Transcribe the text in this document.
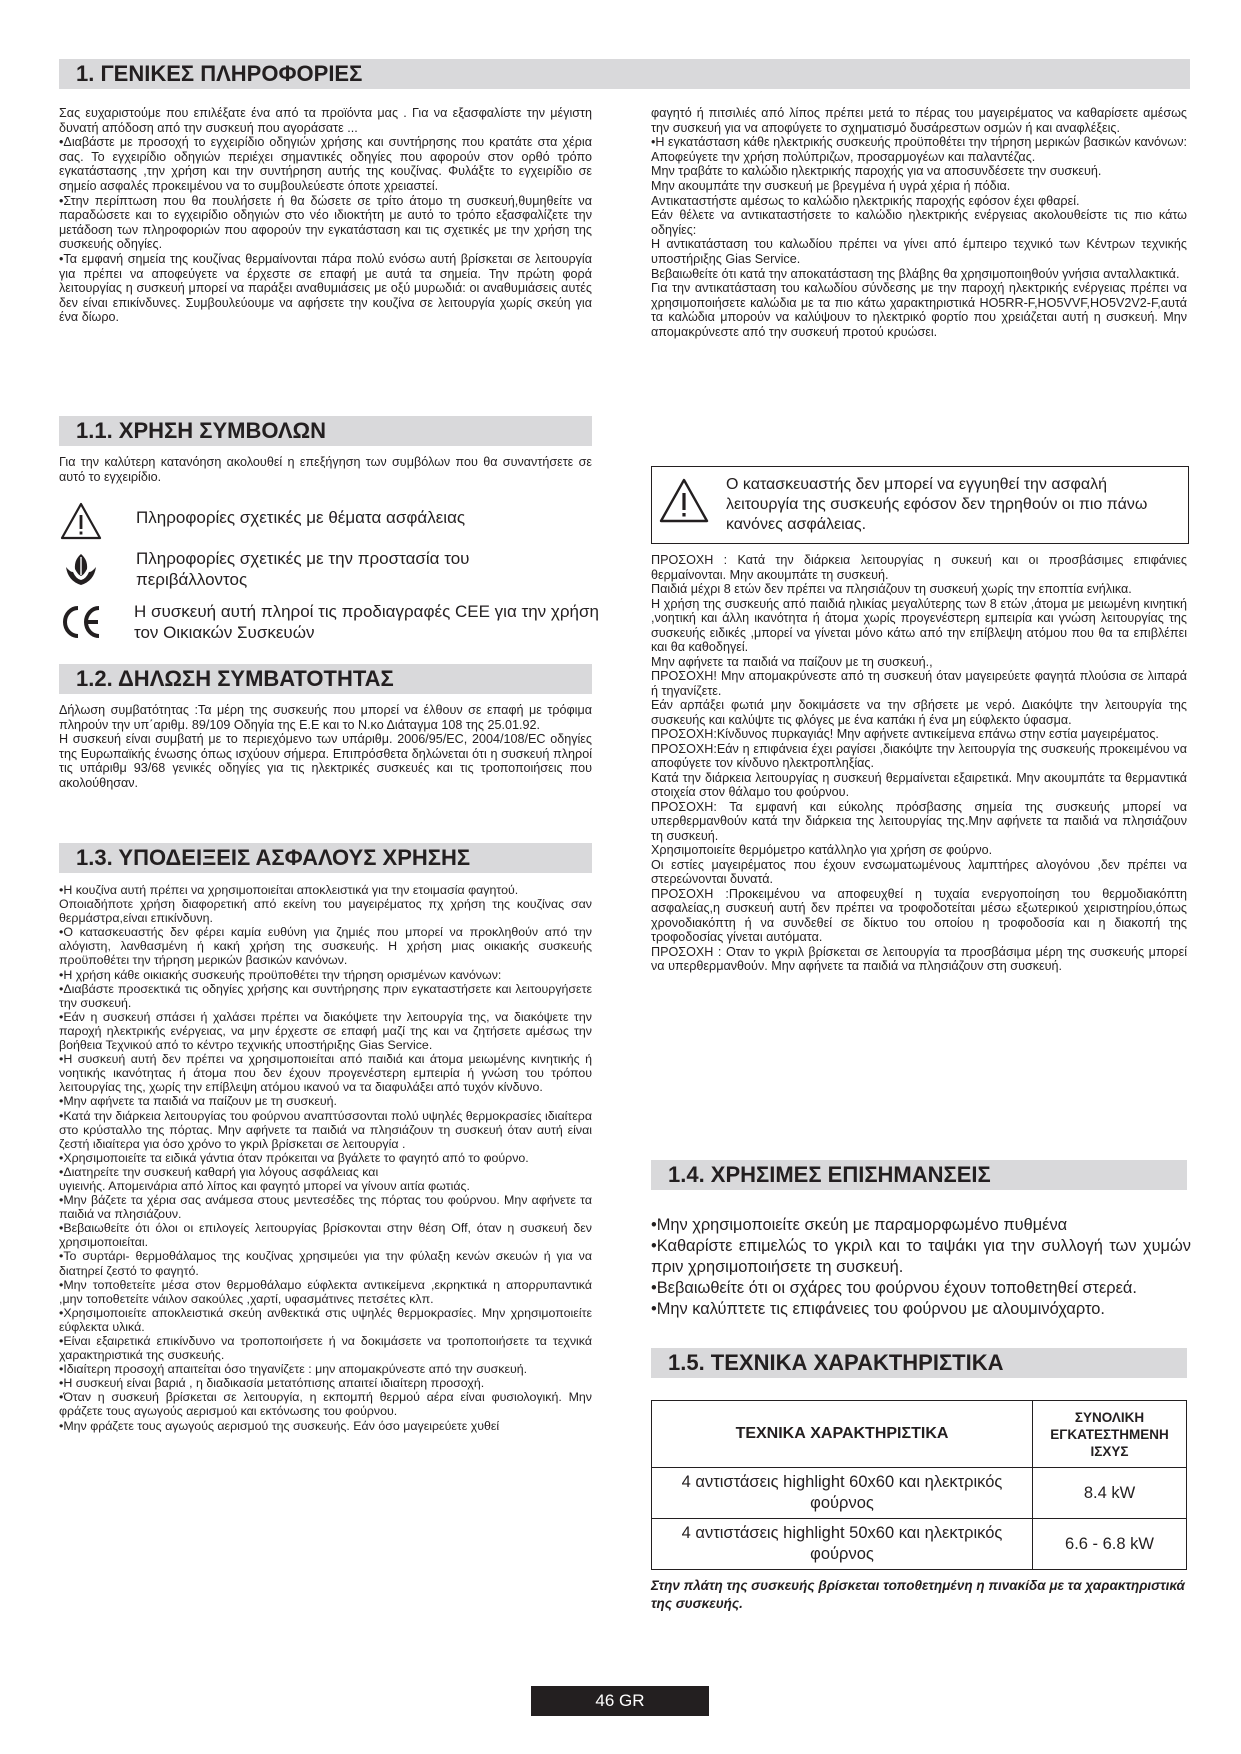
1. ΓΕΝΙΚΕΣ ΠΛΗΡΟΦΟΡΙΕΣ

Σας ευχαριστούμε που επιλέξατε ένα από τα προϊόντα μας . Για να εξασφαλίστε την μέγιστη δυνατή απόδοση από την συσκευή που αγοράσατε ...

•Διαβάστε με προσοχή το εγχειρίδιο οδηγιών χρήσης και συντήρησης που κρατάτε στα χέρια σας. Το εγχειρίδιο οδηγιών περιέχει σημαντικές οδηγίες που αφορούν στον ορθό τρόπο εγκατάστασης ,την χρήση και την συντήρηση αυτής της κουζίνας. Φυλάξτε το εγχειρίδιο σε σημείο ασφαλές προκειμένου να το συμβουλεύεστε όποτε χρειαστεί.

•Στην περίπτωση που θα πουλήσετε ή θα δώσετε σε τρίτο άτομο τη συσκευή,θυμηθείτε να παραδώσετε και το εγχειρίδιο οδηγιών στο νέο ιδιοκτήτη με αυτό το τρόπο εξασφαλίζετε την μετάδοση των πληροφοριών που αφορούν την εγκατάσταση και τις σχετικές με την χρήση της συσκευής οδηγίες.

•Τα εμφανή σημεία της κουζίνας θερμαίνονται πάρα πολύ ενόσω αυτή βρίσκεται σε λειτουργία για πρέπει να αποφεύγετε να έρχεστε σε επαφή με αυτά τα σημεία. Την πρώτη φορά λειτουργίας η συσκευή μπορεί να παράξει αναθυμιάσεις με οξύ μυρωδιά: οι αναθυμιάσεις αυτές δεν είναι επικίνδυνες. Συμβουλεύουμε να αφήσετε την κουζίνα σε λειτουργία χωρίς σκεύη για ένα δίωρο.

1.1. ΧΡΗΣΗ ΣΥΜΒΟΛΩΝ

Για την καλύτερη κατανόηση ακολουθεί η επεξήγηση των συμβόλων που θα συναντήσετε σε αυτό το εγχειρίδιο.

Πληροφορίες σχετικές με θέματα ασφάλειας
Πληροφορίες σχετικές με την προστασία του περιβάλλοντος
Η συσκευή αυτή πληροί τις προδιαγραφές CEE για την χρήση τον Οικιακών Συσκευών
1.2. ΔΗΛΩΣΗ ΣΥΜΒΑΤΟΤΗΤΑΣ

Δήλωση συμβατότητας :Τα μέρη της συσκευής που μπορεί να έλθουν σε επαφή με τρόφιμα πληρούν την υπ΄αριθμ. 89/109 Οδηγία της Ε.Ε και το Ν.κο Διάταγμα 108 της 25.01.92.

Η συσκευή είναι συμβατή με το περιεχόμενο των υπάριθμ. 2006/95/EC, 2004/108/EC οδηγίες της Ευρωπαϊκής ένωσης όπως ισχύουν σήμερα. Επιπρόσθετα δηλώνεται ότι η συσκευή πληροί τις υπάριθμ 93/68 γενικές οδηγίες για τις ηλεκτρικές συσκευές και τις τροποποιήσεις που ακολούθησαν.

1.3. ΥΠΟΔΕΙΞΕΙΣ ΑΣΦΑΛΟΥΣ ΧΡΗΣΗΣ

•Η κουζίνα αυτή πρέπει να χρησιμοποιείται αποκλειστικά για την ετοιμασία φαγητού.

Οποιαδήποτε χρήση διαφορετική από εκείνη του μαγειρέματος πχ χρήση της κουζίνας σαν θερμάστρα,είναι επικίνδυνη.

•Ο κατασκευαστής δεν φέρει καμία ευθύνη για ζημιές που μπορεί να προκληθούν από την αλόγιστη, λανθασμένη ή κακή χρήση της συσκευής. Η χρήση μιας οικιακής συσκευής προϋποθέτει την τήρηση μερικών βασικών κανόνων.

•Η χρήση κάθε οικιακής συσκευής προϋποθέτει την τήρηση ορισμένων κανόνων:

•Διαβάστε προσεκτικά τις οδηγίες χρήσης και συντήρησης πριν εγκαταστήσετε και λειτουργήσετε την συσκευή.

•Εάν η συσκευή σπάσει ή χαλάσει πρέπει να διακόψετε την λειτουργία της, να διακόψετε την παροχή ηλεκτρικής ενέργειας, να μην έρχεστε σε επαφή μαζί της και να ζητήσετε αμέσως την βοήθεια Τεχνικού από το κέντρο τεχνικής υποστήριξης Gias Service.

•Η συσκευή αυτή δεν πρέπει να χρησιμοποιείται από παιδιά και άτομα μειωμένης κινητικής ή νοητικής ικανότητας ή άτομα που δεν έχουν προγενέστερη εμπειρία ή γνώση του τρόπου λειτουργίας της, χωρίς την επίβλεψη ατόμου ικανού να τα διαφυλάξει από τυχόν κίνδυνο.

•Μην αφήνετε τα παιδιά να παίζουν με τη συσκευή.

•Κατά την διάρκεια λειτουργίας του φούρνου αναπτύσσονται πολύ υψηλές θερμοκρασίες ιδιαίτερα στο κρύσταλλο της πόρτας. Μην αφήνετε τα παιδιά να πλησιάζουν τη συσκευή όταν αυτή είναι ζεστή ιδιαίτερα για όσο χρόνο το γκριλ βρίσκεται σε λειτουργία .

•Χρησιμοποιείτε τα ειδικά γάντια όταν πρόκειται να βγάλετε το φαγητό από το φούρνο.

•Διατηρείτε την συσκευή καθαρή για λόγους ασφάλειας και

υγιεινής. Απομεινάρια από λίπος και φαγητό μπορεί να γίνουν αιτία φωτιάς.

•Μην βάζετε τα χέρια σας ανάμεσα στους μεντεσέδες της πόρτας του φούρνου. Μην αφήνετε τα παιδιά να πλησιάζουν.

•Βεβαιωθείτε ότι όλοι οι επιλογείς λειτουργίας βρίσκονται στην θέση Off, όταν η συσκευή δεν χρησιμοποιείται.

•Το συρτάρι- θερμοθάλαμος της κουζίνας χρησιμεύει για την φύλαξη κενών σκευών ή για να διατηρεί ζεστό το φαγητό.

•Μην τοποθετείτε μέσα στον θερμοθάλαμο εύφλεκτα αντικείμενα ,εκρηκτικά η απορρυπαντικά ,μην τοποθετείτε νάιλον σακούλες ,χαρτί, υφασμάτινες πετσέτες κλπ.

•Χρησιμοποιείτε αποκλειστικά σκεύη ανθεκτικά στις υψηλές θερμοκρασίες. Μην χρησιμοποιείτε εύφλεκτα υλικά.

•Είναι εξαιρετικά επικίνδυνο να τροποποιήσετε ή να δοκιμάσετε να τροποποιήσετε τα τεχνικά χαρακτηριστικά της συσκευής.

•Ιδιαίτερη προσοχή απαιτείται όσο τηγανίζετε : μην απομακρύνεστε από την συσκευή.

•Η συσκευή είναι βαριά , η διαδικασία μετατόπισης απαιτεί ιδιαίτερη προσοχή.

•Όταν η συσκευή βρίσκεται σε λειτουργία, η εκπομπή θερμού αέρα είναι φυσιολογική. Μην φράζετε τους αγωγούς αερισμού και εκτόνωσης του φούρνου.

•Μην φράζετε τους αγωγούς αερισμού της συσκευής. Εάν όσο μαγειρεύετε χυθεί

φαγητό ή πιτσιλιές από λίπος πρέπει μετά το πέρας του μαγειρέματος να καθαρίσετε αμέσως την συσκευή για να αποφύγετε το σχηματισμό δυσάρεστων οσμών ή και αναφλέξεις.

•Η εγκατάσταση κάθε ηλεκτρικής συσκευής προϋποθέτει την τήρηση μερικών βασικών κανόνων:

Αποφεύγετε την χρήση πολύπριζων, προσαρμογέων και παλαντέζας.

Μην τραβάτε το καλώδιο ηλεκτρικής παροχής για να αποσυνδέσετε την συσκευή.

Μην ακουμπάτε την συσκευή με βρεγμένα ή υγρά χέρια ή πόδια.

Αντικαταστήστε αμέσως το καλώδιο ηλεκτρικής παροχής εφόσον έχει φθαρεί.

Εάν θέλετε να αντικαταστήσετε το καλώδιο ηλεκτρικής ενέργειας ακολουθείστε τις πιο κάτω οδηγίες:

Η αντικατάσταση του καλωδίου πρέπει να γίνει από έμπειρο τεχνικό των Κέντρων τεχνικής υποστήριξης Gias Service.

Βεβαιωθείτε ότι κατά την αποκατάσταση της βλάβης θα χρησιμοποιηθούν γνήσια ανταλλακτικά.

Για την αντικατάσταση του καλωδίου σύνδεσης με την παροχή ηλεκτρικής ενέργειας πρέπει να χρησιμοποιήσετε καλώδια με τα πιο κάτω χαρακτηριστικά HO5RR-F,HO5VVF,HO5V2V2-F,αυτά τα καλώδια μπορούν να καλύψουν το ηλεκτρικό φορτίο που χρειάζεται αυτή η συσκευή. Μην απομακρύνεστε από την συσκευή προτού κρυώσει.

Ο κατασκευαστής δεν μπορεί να εγγυηθεί την ασφαλή λειτουργία της συσκευής εφόσον δεν τηρηθούν οι πιο πάνω κανόνες ασφάλειας.

ΠΡΟΣΟΧΗ : Κατά την διάρκεια λειτουργίας η συκευή και οι προσβάσιμες επιφάνιες θερμαίνονται. Μην ακουμπάτε τη συσκευή.

Παιδιά μέχρι 8 ετών δεν πρέπει να πλησιάζουν τη συσκευή χωρίς την εποπτία ενήλικα.

Η χρήση της συσκευής από παιδιά ηλικίας μεγαλύτερης των 8 ετών ,άτομα με μειωμένη κινητική ,νοητική και άλλη ικανότητα ή άτομα χωρίς προγενέστερη εμπειρία και γνώση λειτουργίας της συσκευής ειδικές ,μπορεί να γίνεται μόνο κάτω από την επίβλεψη ατόμου που θα τα επιβλέπει και θα καθοδηγεί.

Μην αφήνετε τα παιδιά να παίζουν με τη συσκευή.,

ΠΡΟΣΟΧΗ! Μην απομακρύνεστε από τη συσκευή όταν μαγειρεύετε φαγητά πλούσια σε λιπαρά ή τηγανίζετε.

Εάν αρπάξει φωτιά μην δοκιμάσετε να την σβήσετε με νερό. Διακόψτε την λειτουργία της συσκευής και καλύψτε τις φλόγες με ένα καπάκι ή ένα μη εύφλεκτο ύφασμα.

ΠΡΟΣΟΧΗ:Κίνδυνος πυρκαγιάς! Μην αφήνετε αντικείμενα επάνω στην εστία μαγειρέματος.

ΠΡΟΣΟΧΗ:Εάν η επιφάνεια έχει ραγίσει ,διακόψτε την λειτουργία της συσκευής προκειμένου να αποφύγετε τον κίνδυνο ηλεκτροπληξίας.

Κατά την διάρκεια λειτουργίας η συσκευή θερμαίνεται εξαιρετικά. Μην ακουμπάτε τα θερμαντικά στοιχεία στον θάλαμο του φούρνου.

ΠΡΟΣΟΧΗ: Τα εμφανή και εύκολης πρόσβασης σημεία της συσκευής μπορεί να υπερθερμανθούν κατά την διάρκεια της λειτουργίας της.Μην αφήνετε τα παιδιά να πλησιάζουν τη συσκευή.

Χρησιμοποιείτε θερμόμετρο κατάλληλο για χρήση σε φούρνο.

Οι εστίες μαγειρέματος που έχουν ενσωματωμένους λαμπτήρες αλογόνου ,δεν πρέπει να στερεώνονται δυνατά.

ΠΡΟΣΟΧΗ :Προκειμένου να αποφευχθεί η τυχαία ενεργοποίηση του θερμοδιακόπτη ασφαλείας,η συσκευή αυτή δεν πρέπει να τροφοδοτείται μέσω εξωτερικού χειριστηρίου,όπως χρονοδιακόπτη ή να συνδεθεί σε δίκτυο του οποίου η τροφοδοσία και η διακοπή της τροφοδοσίας γίνεται αυτόματα.

ΠΡΟΣΟΧΗ : Οταν το γκριλ βρίσκεται σε λειτουργία τα προσβάσιμα μέρη της συσκευής μπορεί να υπερθερμανθούν. Μην αφήνετε τα παιδιά να πλησιάζουν στη συσκευή.

1.4. ΧΡΗΣΙΜΕΣ ΕΠΙΣΗΜΑΝΣΕΙΣ

•Μην χρησιμοποιείτε σκεύη με παραμορφωμένο πυθμένα

•Καθαρίστε επιμελώς το γκριλ και το ταψάκι για την συλλογή των χυμών πριν χρησιμοποιήσετε τη συσκευή.

•Βεβαιωθείτε ότι οι σχάρες του φούρνου έχουν τοποθετηθεί στερεά.

•Μην καλύπτετε τις επιφάνειες του φούρνου με αλουμινόχαρτο.

1.5. ΤΕΧΝΙΚΑ ΧΑΡΑΚΤΗΡΙΣΤΙΚΑ
ΤΕΧΝΙΚΑ ΧΑΡΑΚΤΗΡΙΣΤΙΚΑ	ΣΥΝΟΛΙΚΗ ΕΓΚΑΤΕΣΤΗΜΕΝΗ ΙΣΧΥΣ
4 αντιστάσεις highlight 60x60 και ηλεκτρικός φούρνος	8.4 kW
4 αντιστάσεις highlight 50x60 και ηλεκτρικός φούρνος	6.6 - 6.8 kW
Στην πλάτη της συσκευής βρίσκεται τοποθετημένη η πινακίδα με τα χαρακτηριστικά της συσκευής.
46 GR
